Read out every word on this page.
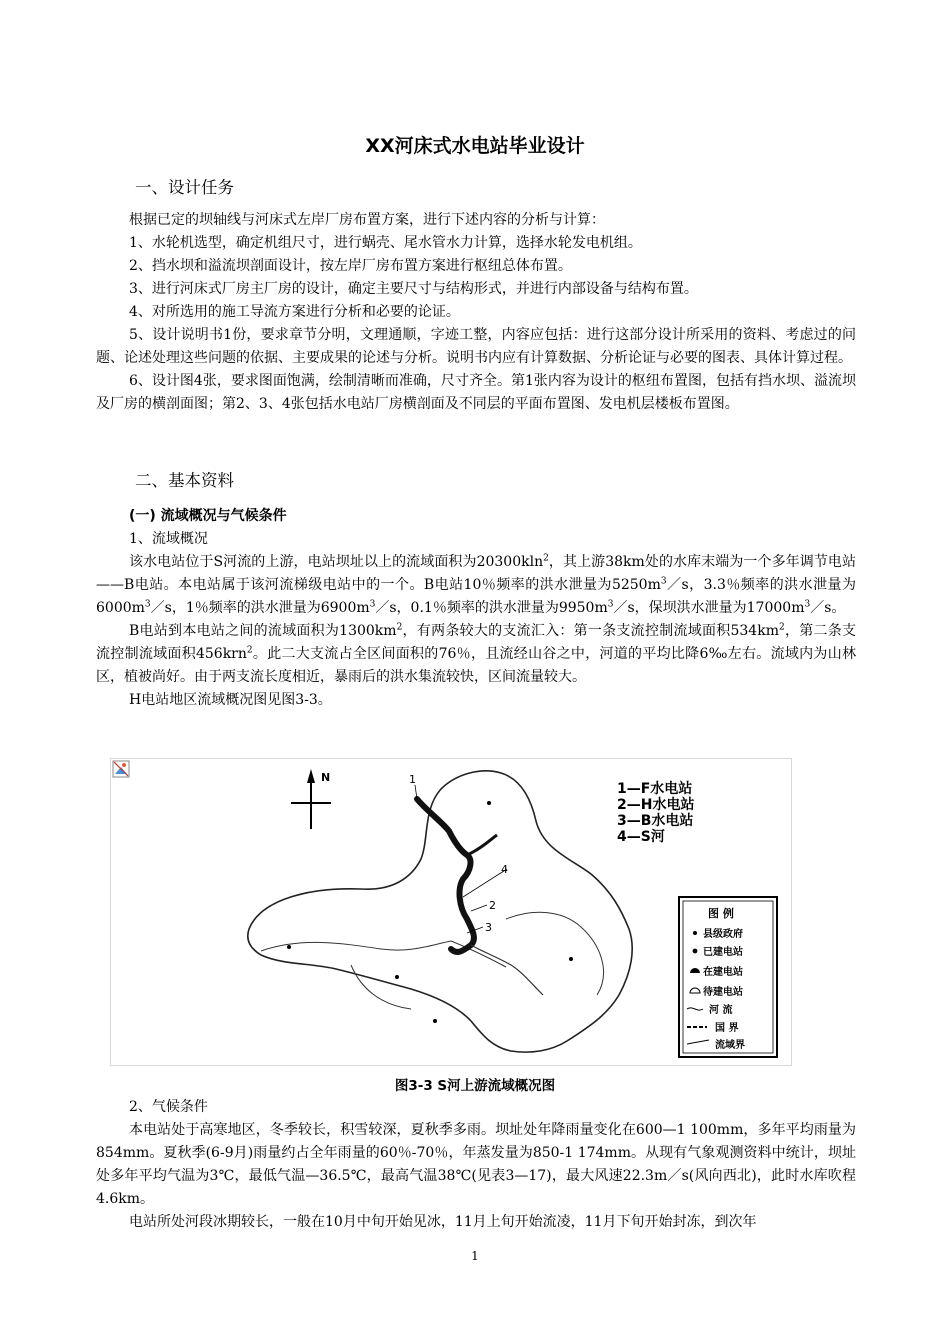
XX河床式水电站毕业设计
一、设计任务

根据已定的坝轴线与河床式左岸厂房布置方案，进行下述内容的分析与计算：

1、水轮机选型，确定机组尺寸，进行蜗壳、尾水管水力计算，选择水轮发电机组。

2、挡水坝和溢流坝剖面设计，按左岸厂房布置方案进行枢纽总体布置。

3、进行河床式厂房主厂房的设计，确定主要尺寸与结构形式，并进行内部设备与结构布置。

4、对所选用的施工导流方案进行分析和必要的论证。

5、设计说明书1份，要求章节分明，文理通顺，字迹工整，内容应包括：进行这部分设计所采用的资料、考虑过的问题、论述处理这些问题的依据、主要成果的论述与分析。说明书内应有计算数据、分析论证与必要的图表、具体计算过程。

6、设计图4张，要求图面饱满，绘制清晰而准确，尺寸齐全。第1张内容为设计的枢纽布置图，包括有挡水坝、溢流坝及厂房的横剖面图；第2、3、4张包括水电站厂房横剖面及不同层的平面布置图、发电机层楼板布置图。

二、基本资料

(一) 流域概况与气候条件

1、流域概况

该水电站位于S河流的上游，电站坝址以上的流域面积为20300kln$^2$，其上游38km处的水库末端为一个多年调节电站——B电站。本电站属于该河流梯级电站中的一个。B电站10％频率的洪水泄量为$5250m^3/s$，3.3％频率的洪水泄量为$6000m^3/s$，1％频率的洪水泄量为$6900m^3/s$，0.1％频率的洪水泄量为$9950m^3/s$，保坝洪水泄量为$17000m^3/s$。

B电站到本电站之间的流域面积为$1300km^2$，有两条较大的支流汇入：第一条支流控制流域面积$534km^2$，第二条支流控制流域面积456krn$^2$。此二大支流占全区间面积的76％，且流经山谷之中，河道的平均比降6‰左右。流域内为山林区，植被尚好。由于两支流长度相近，暴雨后的洪水集流较快，区间流量较大。

H电站地区流域概况图见图3-3。

N	1
2
3
4
1—F水电站
2—H水电站
3—B水电站
4—S河
图 例
县级政府
已建电站
在建电站
待建电站
河 流
国 界
流域界
图3-3 S河上游流域概况图

2、气候条件

本电站处于高寒地区，冬季较长，积雪较深，夏秋季多雨。坝址处年降雨量变化在600—1 100mm，多年平均雨量为854mm。夏秋季(6-9月)雨量约占全年雨量的60％-70％，年蒸发量为850-1 174mm。从现有气象观测资料中统计，坝址处多年平均气温为3℃，最低气温—36.5℃，最高气温38℃(见表3—17)，最大风速22.3m／s(风向西北)，此时水库吹程4.6km。

电站所处河段冰期较长，一般在10月中旬开始见冰，11月上旬开始流凌，11月下旬开始封冻，到次年

1
